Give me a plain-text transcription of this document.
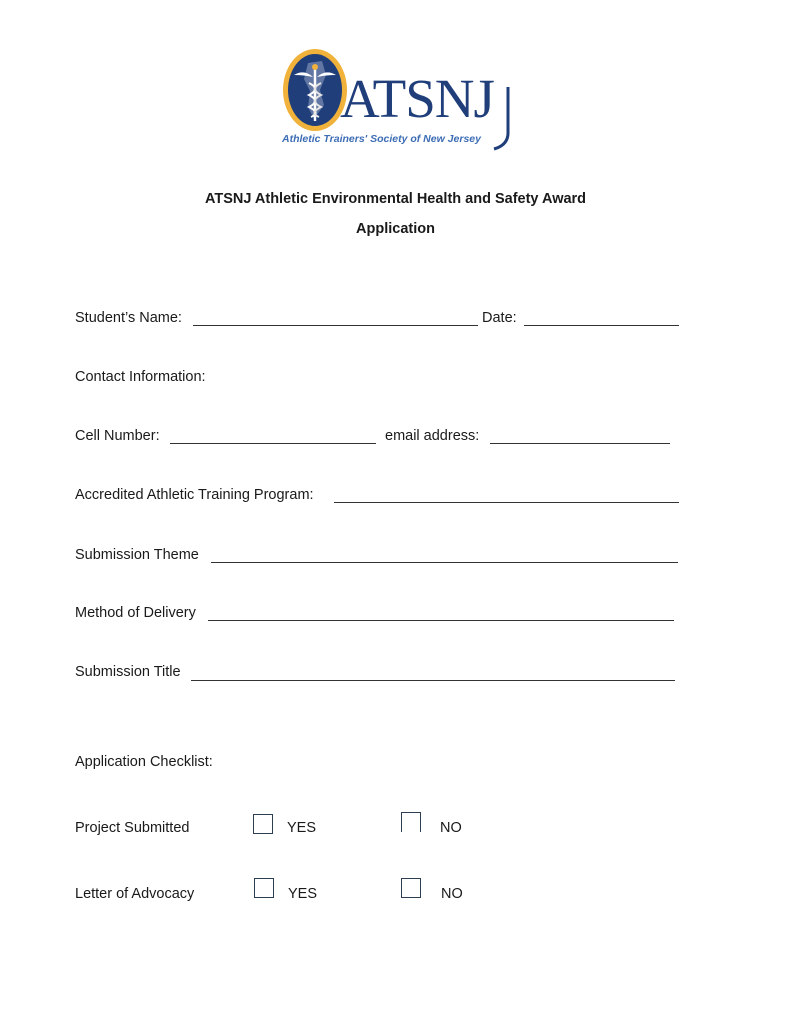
ATSNJ
Athletic Trainers' Society of New Jersey
ATSNJ Athletic Environmental Health and Safety Award
Application
Student’s Name:	Date:
Contact Information:
Cell Number:	email address:
Accredited Athletic Training Program:
Submission Theme
Method of Delivery
Submission Title
Application Checklist:
Project Submitted	YES	NO
Letter of Advocacy	YES	NO
